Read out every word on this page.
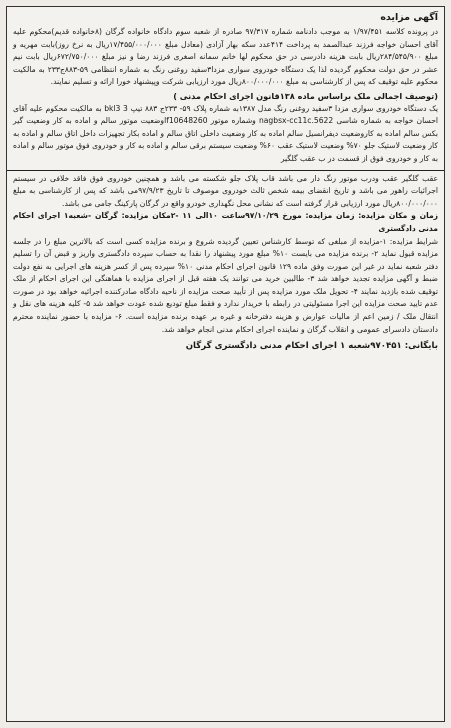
آگهی مزایده

در پرونده کلاسه ۱/۹۷/۴۵۱ به موجب دادنامه شماره ۹۷/۳۱۷ صادره از شعبه سوم دادگاه خانواده گرگان (۸خانواده قدیم)محکوم علیه آقای احسان خواجه فرزند عبدالصمد به پرداخت ۴۱۴عدد سکه بهار آزادی (معادل مبلغ ۱۷/۴۵۵/۰۰۰/۰۰۰ریال به نرخ روز)بابت مهریه و مبلغ ۲۸۴/۵۴۵/۹۰۰ریال بابت هزینه دادرسی در حق محکوم لها خانم سمانه اصغری فرزند رضا و نیز مبلغ ۶۷۲/۷۵۰/۰۰۰ریال بابت نیم عشر در حق دولت محکوم گردیده لذا یک دستگاه خودروی سواری مزدا۳سفید روغنی رنگ به شماره انتظامی ۵۹-۸۸۳ج۲۳۳ به مالکیت محکوم علیه توقیف که پس از کارشناسی به مبلغ ۸۰۰/۰۰۰/۰۰۰ریال مورد ارزیابی شرکت وپیشنهاد خورا ارائه و تسلیم نمایند.

(توصیف اجمالی ملک براساس ماده ۱۳۸قانون اجرای احکام مدنی )

یک دستگاه خودروی سواری مزدا ۳سفید روغنی رنگ مدل ۱۳۸۷به شماره پلاک ۵۹- ۲۳۳ج ۸۸۳ تیپ bkl3 3 به مالکیت محکوم علیه آقای احسان خواجه به شماره شاسی nagbsx-cc11c.5622 وشماره موتور lf10648260وضعیت موتور سالم و اماده به کار وضعیت گیر بکس سالم اماده به کاروضعیت دیفرانسیل سالم اماده به کار وضعیت داخلی اتاق سالم و اماده بکار تجهیزات داخل اتاق سالم و اماده به کار وضعیت لاستیک جلو ۷۰% وضعیت لاستیک عقب ۶۰% وضعیت سیستم برقی سالم و اماده به کار و خودروی فوق موتور سالم و اماده به کار و خودروی فوق از قسمت در ب عقب گلگیر

عقب گلگیر عقب ودرب موتور رنگ دار می باشد قاب پلاک جلو شکسته می باشد و همچنین خودروی فوق فاقد خلافی در سیستم اجرائیات راهور می باشد و تاریخ انقضای بیمه شخص ثالث خودروی موصوف تا تاریخ ۹۷/۹/۲۳می باشد که پس از کارشناسی به مبلغ ۸۰۰/۰۰۰/۰۰۰ریال مورد ارزیابی قرار گرفته است که نشانی محل نگهداری خودرو واقع در گرگان پارکینگ جامی می باشد.

زمان و مکان مزایده: زمان مزایده: مورخ ۹۷/۱۰/۲۹ساعت ۱۰الی ۱۱ -۲مکان مزایده: گرگان -شعبه۱ اجرای احکام مدنی دادگستری

شرایط مزایده: ۱-مزایده از مبلغی که توسط کارشناس تعیین گردیده شروع و برنده مزایده کسی است که بالاترین مبلغ را در جلسه مزایده قبول نماید ۲- برنده مزایده می بایست ۱۰% مبلغ مورد پیشنهاد را نقدا به حساب سپرده دادگستری واریز و قبض آن را تسلیم دفتر شعبه نماید در غیر این صورت وفق ماده ۱۲۹ قانون اجرای احکام مدنی ۱۰% سپرده پس از کسر هزینه های اجرایی به نفع دولت ضبط و آگهی مزایده تجدید خواهد شد ۳- طالبین خرید می توانند یک هفته قبل از اجرای مزایده با هماهنگی این اجرای احکام از ملک توقیف شده بازدید نمایند ۴- تحویل ملک مورد مزایده پس از تأیید صحت مزایده از ناحیه دادگاه صادرکننده اجرائیه خواهد بود در صورت عدم تایید صحت مزایده این اجرا مسئولیتی در رابطه با خریدار ندارد و فقط مبلغ تودیع شده عودت خواهد شد ۵- کلیه هزینه های نقل و انتقال ملک / زمین اعم از مالیات عوارض و هزینه دفترخانه و غیره بر عهده برنده مزایده است. ۶- مزایده با حضور نماینده محترم دادستان دادسرای عمومی و انقلاب گرگان و نماینده اجرای احکام مدنی انجام خواهد شد.

بایگانی: ۹۷۰۴۵۱شعبه ۱ اجرای احکام مدنی دادگستری گرگان
